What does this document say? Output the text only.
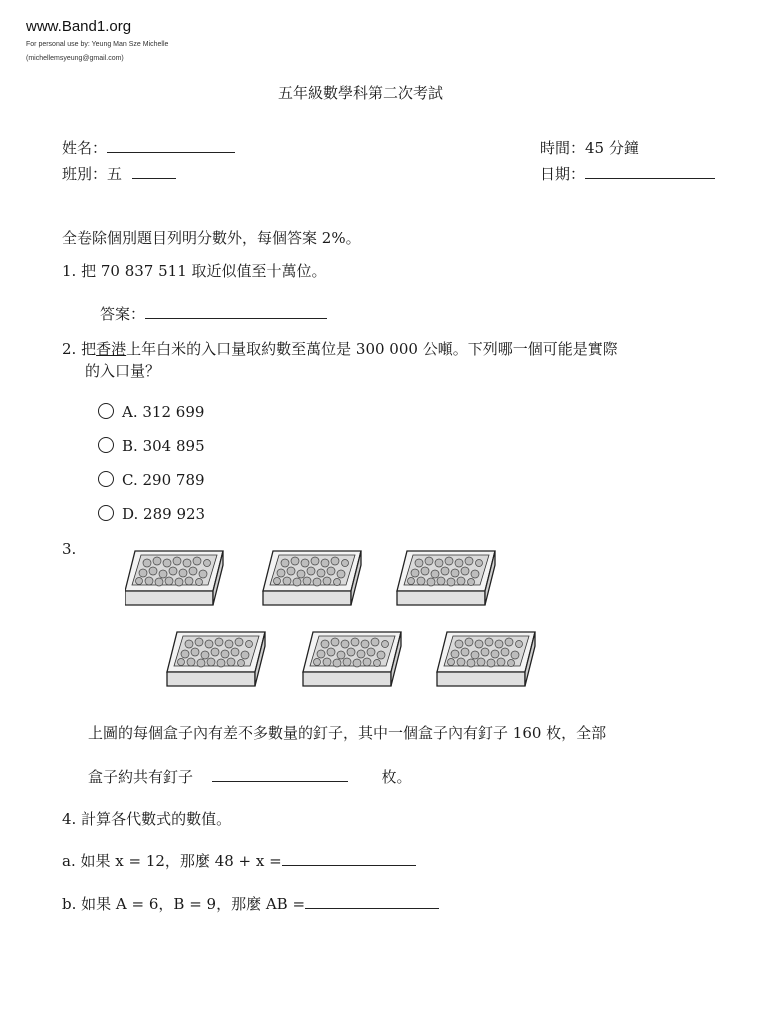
www.Band1.org
For personal use by: Yeung Man Sze Michelle
(michellemsyeung@gmail.com)
五年級數學科第二次考試
姓名：
班別：五
時間：45 分鐘
日期：
全卷除個別題目列明分數外，每個答案 2%。
1. 把 70 837 511 取近似值至十萬位。
答案：
2. 把香港上年白米的入口量取約數至萬位是 300 000 公噸。下列哪一個可能是實際
的入口量？
A. 312 699
B. 304 895
C. 290 789
D. 289 923
3.
上圖的每個盒子內有差不多數量的釘子，其中一個盒子內有釘子 160 枚，全部
盒子約共有釘子	枚。
4. 計算各代數式的數值。
a. 如果 x = 12，那麼 48 + x =
b. 如果 A = 6，B = 9，那麼 AB =
